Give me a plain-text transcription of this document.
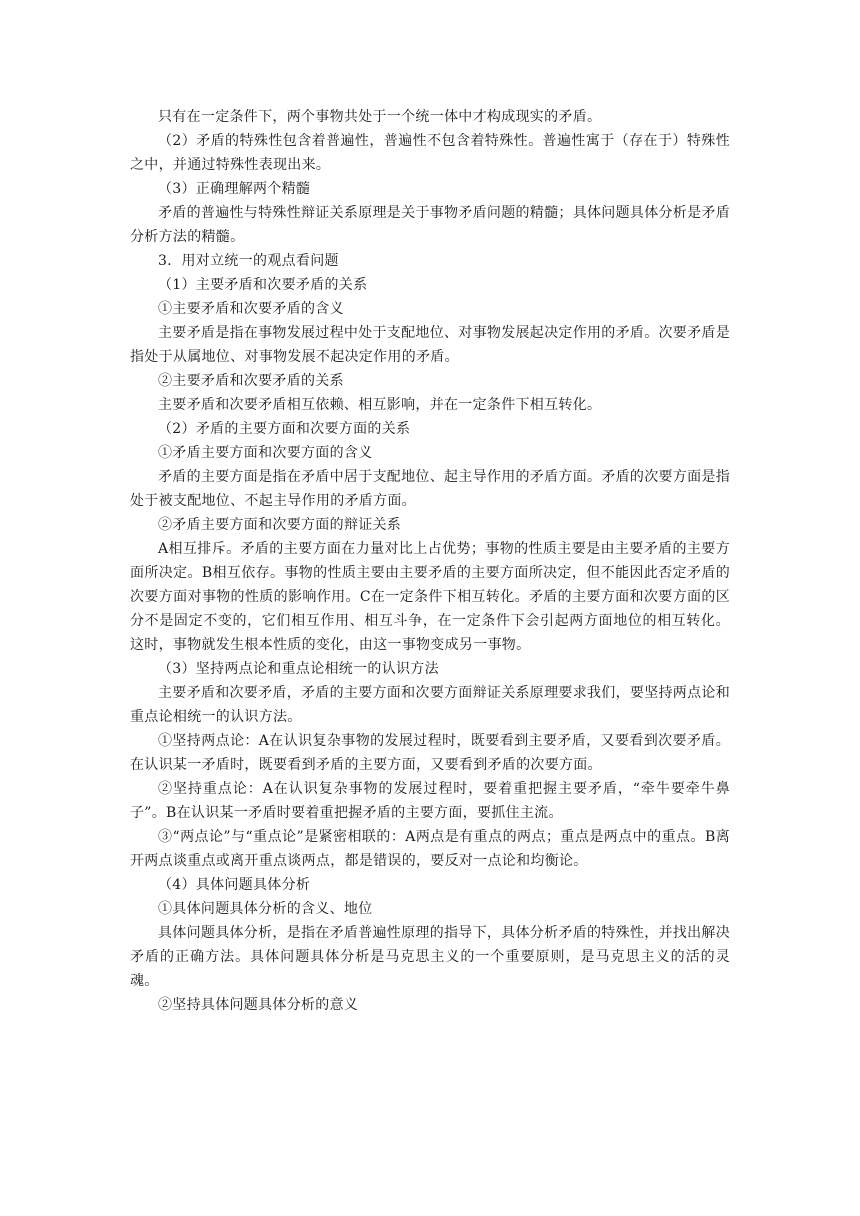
只有在一定条件下，两个事物共处于一个统一体中才构成现实的矛盾。

（2）矛盾的特殊性包含着普遍性，普遍性不包含着特殊性。普遍性寓于（存在于）特殊性之中，并通过特殊性表现出来。

（3）正确理解两个精髓

矛盾的普遍性与特殊性辩证关系原理是关于事物矛盾问题的精髓；具体问题具体分析是矛盾分析方法的精髓。

3．用对立统一的观点看问题

（1）主要矛盾和次要矛盾的关系

①主要矛盾和次要矛盾的含义

主要矛盾是指在事物发展过程中处于支配地位、对事物发展起决定作用的矛盾。次要矛盾是指处于从属地位、对事物发展不起决定作用的矛盾。

②主要矛盾和次要矛盾的关系

主要矛盾和次要矛盾相互依赖、相互影响，并在一定条件下相互转化。

（2）矛盾的主要方面和次要方面的关系

①矛盾主要方面和次要方面的含义

矛盾的主要方面是指在矛盾中居于支配地位、起主导作用的矛盾方面。矛盾的次要方面是指处于被支配地位、不起主导作用的矛盾方面。

②矛盾主要方面和次要方面的辩证关系

A相互排斥。矛盾的主要方面在力量对比上占优势；事物的性质主要是由主要矛盾的主要方面所决定。B相互依存。事物的性质主要由主要矛盾的主要方面所决定，但不能因此否定矛盾的次要方面对事物的性质的影响作用。C在一定条件下相互转化。矛盾的主要方面和次要方面的区分不是固定不变的，它们相互作用、相互斗争，在一定条件下会引起两方面地位的相互转化。这时，事物就发生根本性质的变化，由这一事物变成另一事物。

（3）坚持两点论和重点论相统一的认识方法

主要矛盾和次要矛盾，矛盾的主要方面和次要方面辩证关系原理要求我们，要坚持两点论和重点论相统一的认识方法。

①坚持两点论：A在认识复杂事物的发展过程时，既要看到主要矛盾，又要看到次要矛盾。在认识某一矛盾时，既要看到矛盾的主要方面，又要看到矛盾的次要方面。

②坚持重点论：A在认识复杂事物的发展过程时，要着重把握主要矛盾，“牵牛要牵牛鼻子”。B在认识某一矛盾时要着重把握矛盾的主要方面，要抓住主流。

③“两点论”与“重点论”是紧密相联的：A两点是有重点的两点；重点是两点中的重点。B离开两点谈重点或离开重点谈两点，都是错误的，要反对一点论和均衡论。

（4）具体问题具体分析

①具体问题具体分析的含义、地位

具体问题具体分析，是指在矛盾普遍性原理的指导下，具体分析矛盾的特殊性，并找出解决矛盾的正确方法。具体问题具体分析是马克思主义的一个重要原则，是马克思主义的活的灵魂。

②坚持具体问题具体分析的意义
